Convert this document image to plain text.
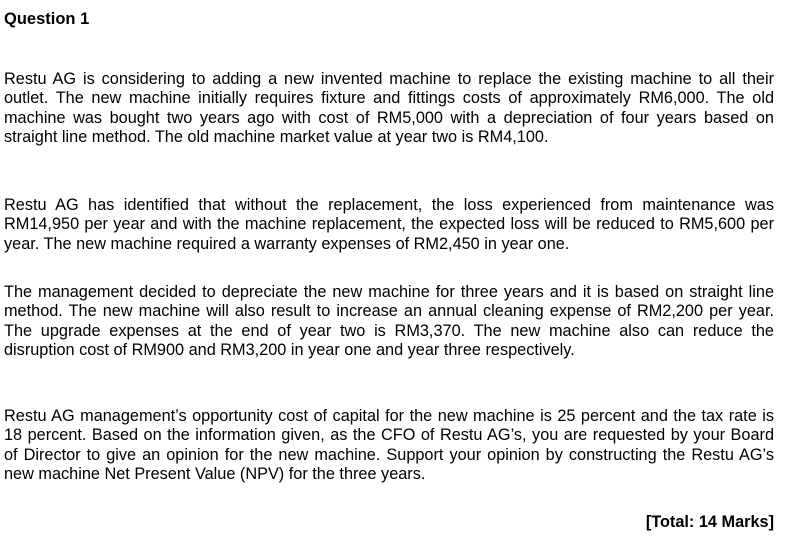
Question 1

Restu AG is considering to adding a new invented machine to replace the existing machine to all their outlet. The new machine initially requires fixture and fittings costs of approximately RM6,000. The old machine was bought two years ago with cost of RM5,000 with a depreciation of four years based on straight line method. The old machine market value at year two is RM4,100.

Restu AG has identified that without the replacement, the loss experienced from maintenance was RM14,950 per year and with the machine replacement, the expected loss will be reduced to RM5,600 per year. The new machine required a warranty expenses of RM2,450 in year one.

The management decided to depreciate the new machine for three years and it is based on straight line method. The new machine will also result to increase an annual cleaning expense of RM2,200 per year. The upgrade expenses at the end of year two is RM3,370. The new machine also can reduce the disruption cost of RM900 and RM3,200 in year one and year three respectively.

Restu AG management’s opportunity cost of capital for the new machine is 25 percent and the tax rate is 18 percent. Based on the information given, as the CFO of Restu AG’s, you are requested by your Board of Director to give an opinion for the new machine. Support your opinion by constructing the Restu AG’s new machine Net Present Value (NPV) for the three years.

[Total: 14 Marks]
